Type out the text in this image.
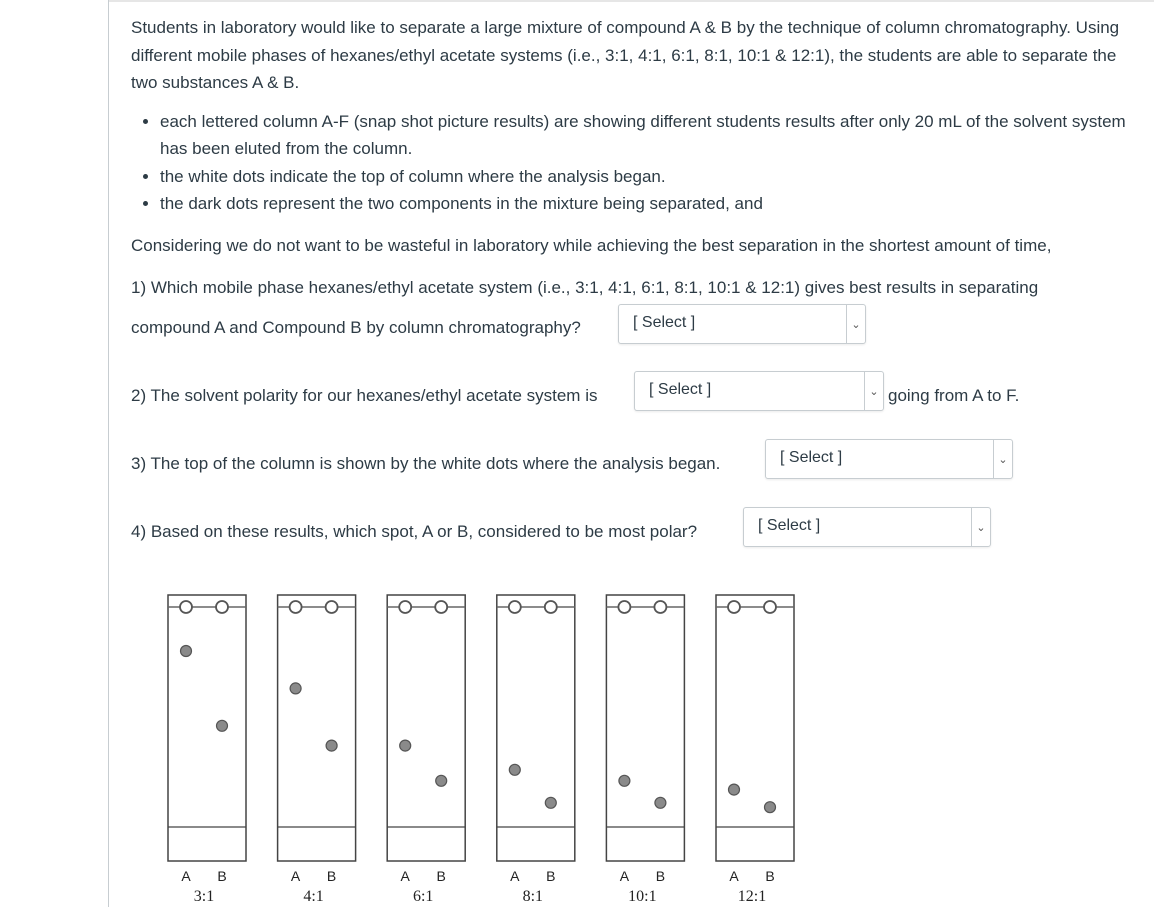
Students in laboratory would like to separate a large mixture of compound A & B by the technique of column chromatography. Using different mobile phases of hexanes/ethyl acetate systems (i.e., 3:1, 4:1, 6:1, 8:1, 10:1 & 12:1), the students are able to separate the two substances A & B.

• each lettered column A-F (snap shot picture results) are showing different students results after only 20 mL of the solvent system has been eluted from the column.
• the white dots indicate the top of column where the analysis began.
• the dark dots represent the two components in the mixture being separated, and
Considering we do not want to be wasteful in laboratory while achieving the best separation in the shortest amount of time,
1) Which mobile phase hexanes/ethyl acetate system (i.e., 3:1, 4:1, 6:1, 8:1, 10:1 & 12:1) gives best results in separating
compound A and Compound B by column chromatography?	[ Select ]	⌄
2) The solvent polarity for our hexanes/ethyl acetate system is	[ Select ]	⌄ going from A to F.
3) The top of the column is shown by the white dots where the analysis began.	[ Select ]	⌄
4) Based on these results, which spot, A or B, considered to be most polar?	[ Select ]	⌄
A B
3:1
A B
4:1
A B
6:1
A B
8:1
A B
10:1
A B
12:1
